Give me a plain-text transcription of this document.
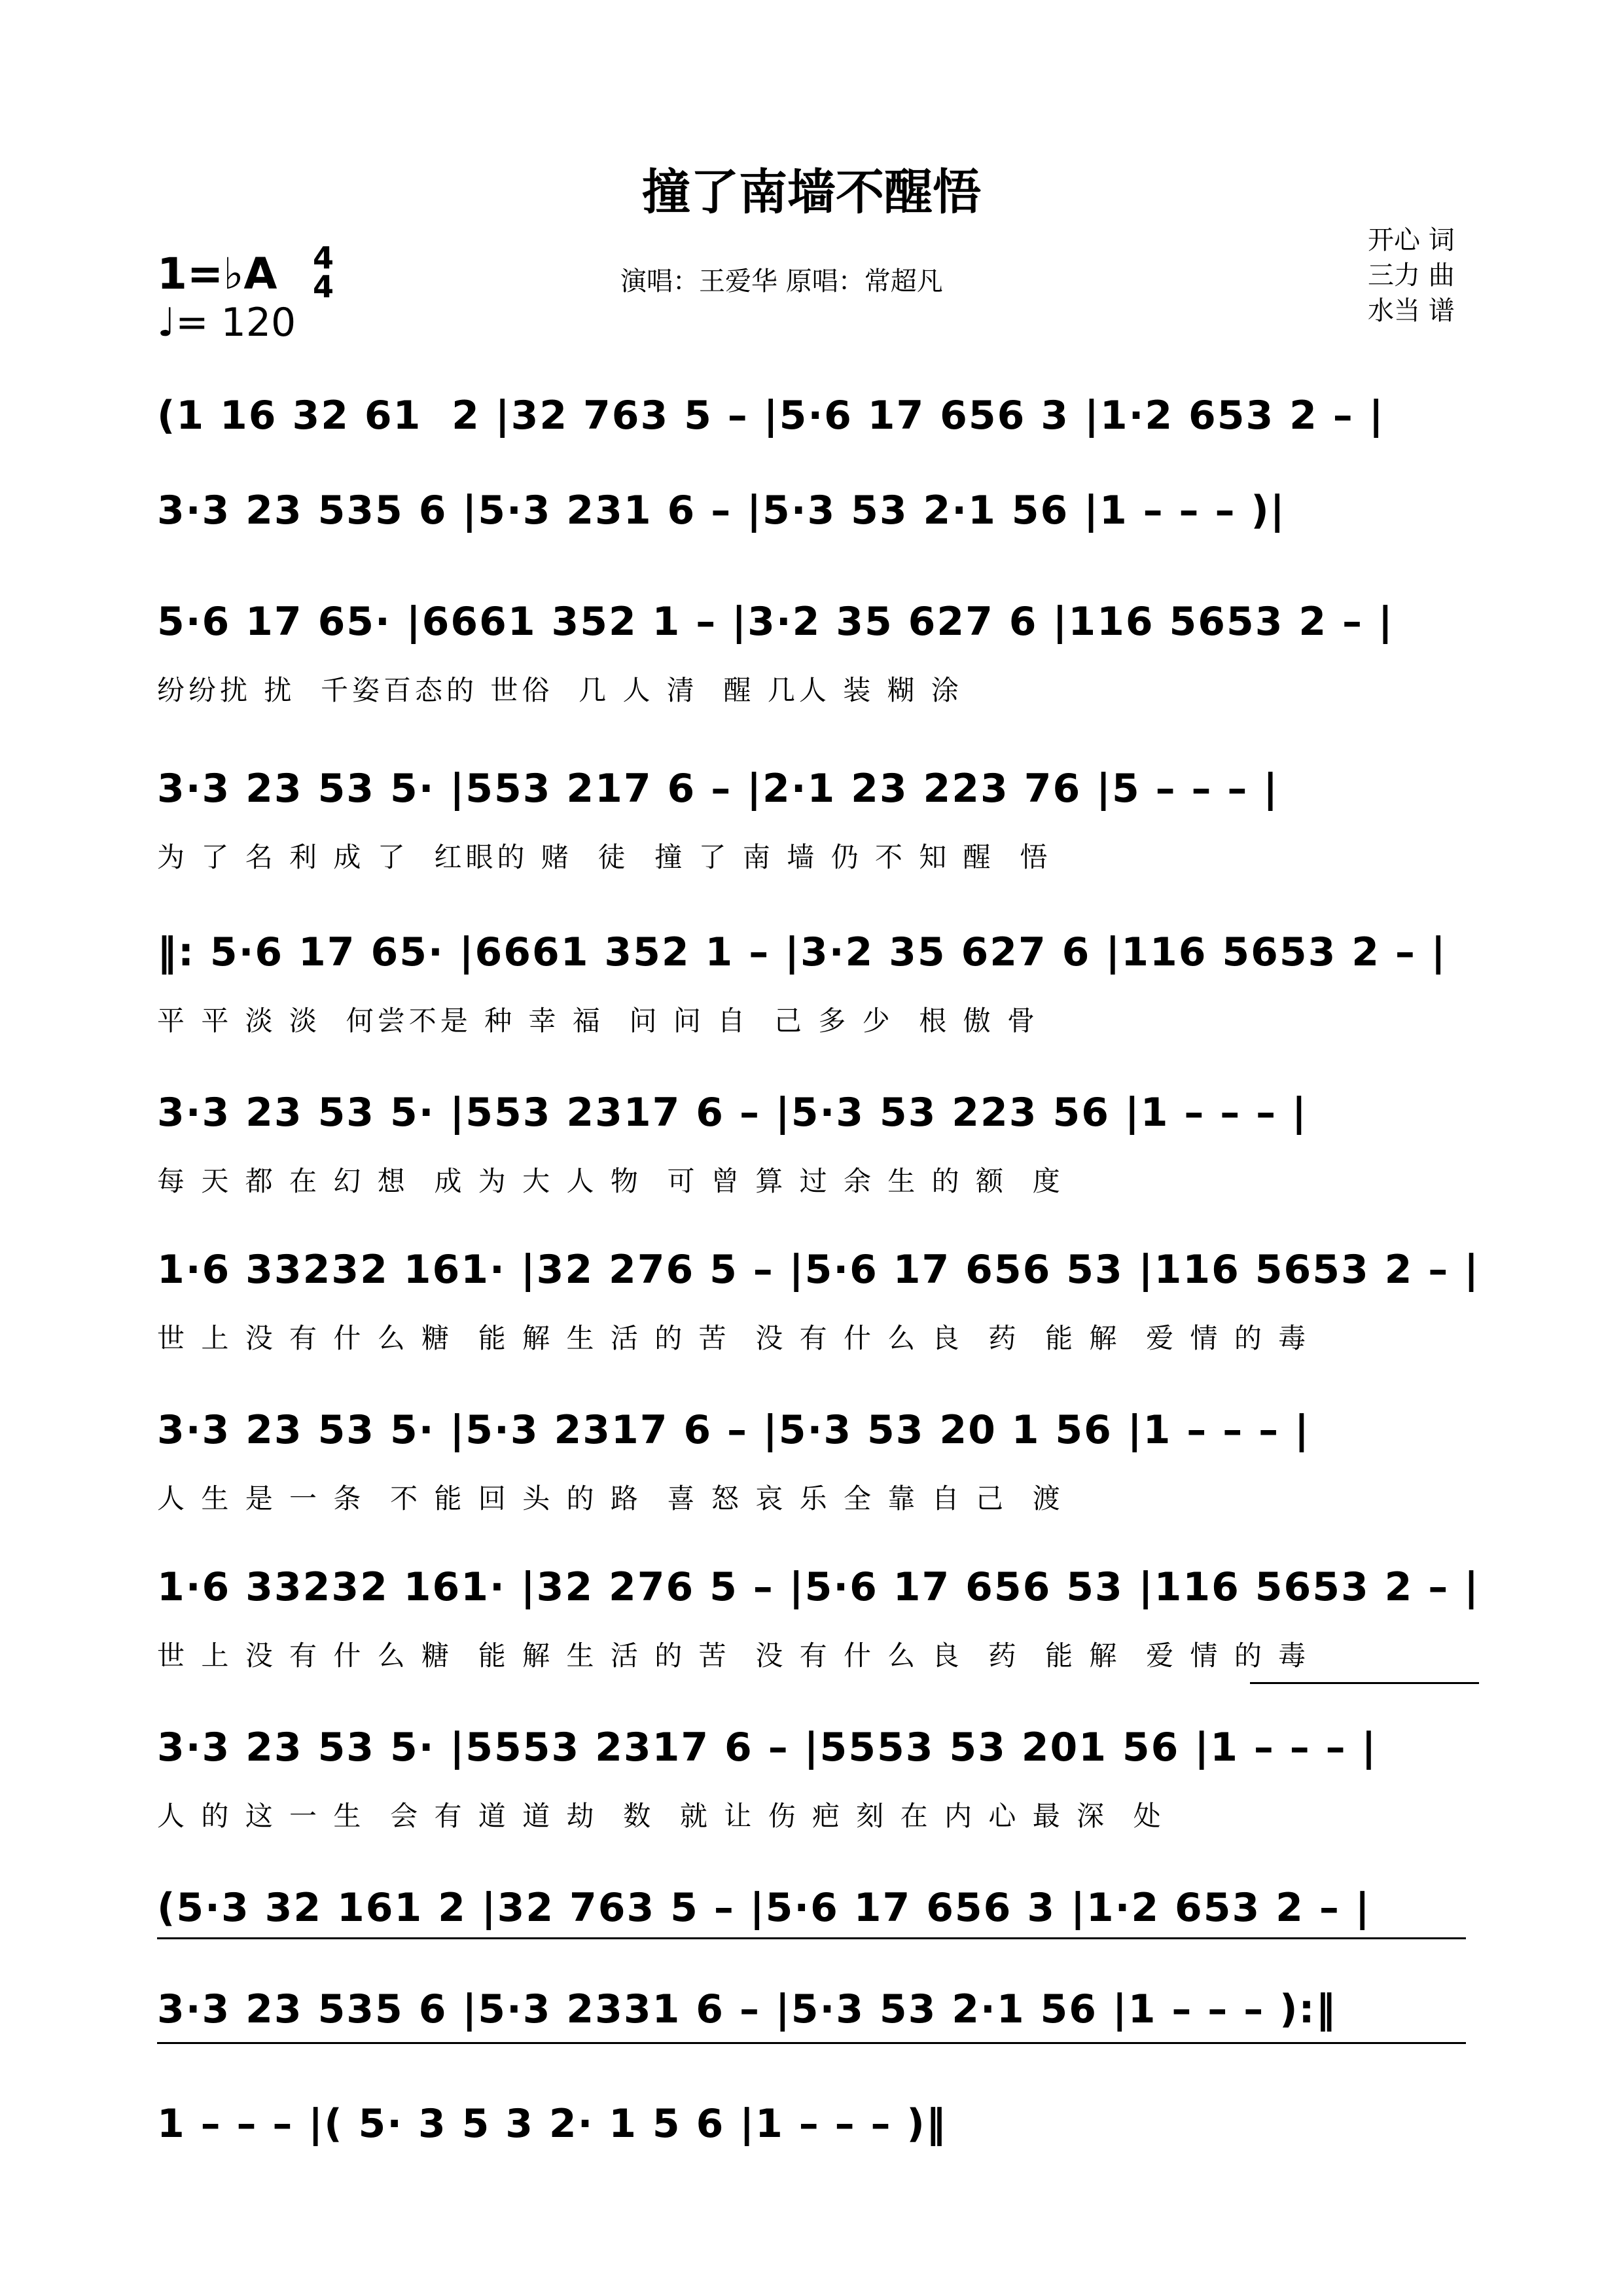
撞了南墙不醒悟
1=♭A 4
4
♩= 120
演唱：王爱华 原唱：常超凡
开心 词
三力 曲
水当 谱
(1 16 32 61  2 |32 763 5 – |5·6 17 656 3 |1·2 653 2 – |
3·3 23 535 6 |5·3 231 6 – |5·3 53 2·1 56 |1 – – – )|
5·6 17 65· |6661 352 1 – |3·2 35 627 6 |116 5653 2 – |
纷纷扰 扰  千姿百态的 世俗  几 人 清  醒 几人 装 糊 涂
3·3 23 53 5· |553 217 6 – |2·1 23 223 76 |5 – – – |
为 了 名 利 成 了  红眼的 赌  徒  撞 了 南 墙 仍 不 知 醒  悟
‖: 5·6 17 65· |6661 352 1 – |3·2 35 627 6 |116 5653 2 – |
平 平 淡 淡  何尝不是 种 幸 福  问 问 自  己 多 少  根 傲 骨
3·3 23 53 5· |553 2317 6 – |5·3 53 223 56 |1 – – – |
每 天 都 在 幻 想  成 为 大 人 物  可 曾 算 过 余 生 的 额  度
1·6 33232 161· |32 276 5 – |5·6 17 656 53 |116 5653 2 – |
世 上 没 有 什 么 糖  能 解 生 活 的 苦  没 有 什 么 良  药  能 解  爱 情 的 毒
3·3 23 53 5· |5·3 2317 6 – |5·3 53 20 1 56 |1 – – – |
人 生 是 一 条  不 能 回 头 的 路  喜 怒 哀 乐 全 靠 自 己  渡
1·6 33232 161· |32 276 5 – |5·6 17 656 53 |116 5653 2 – |
世 上 没 有 什 么 糖  能 解 生 活 的 苦  没 有 什 么 良  药  能 解  爱 情 的 毒
3·3 23 53 5· |5553 2317 6 – |5553 53 201 56 |1 – – – |
人 的 这 一 生  会 有 道 道 劫  数  就 让 伤 疤 刻 在 内 心 最 深  处
(5·3 32 161 2 |32 763 5 – |5·6 17 656 3 |1·2 653 2 – |
3·3 23 535 6 |5·3 2331 6 – |5·3 53 2·1 56 |1 – – – ):‖
1 – – – |( 5· 3 5 3 2· 1 5 6 |1 – – – )‖
